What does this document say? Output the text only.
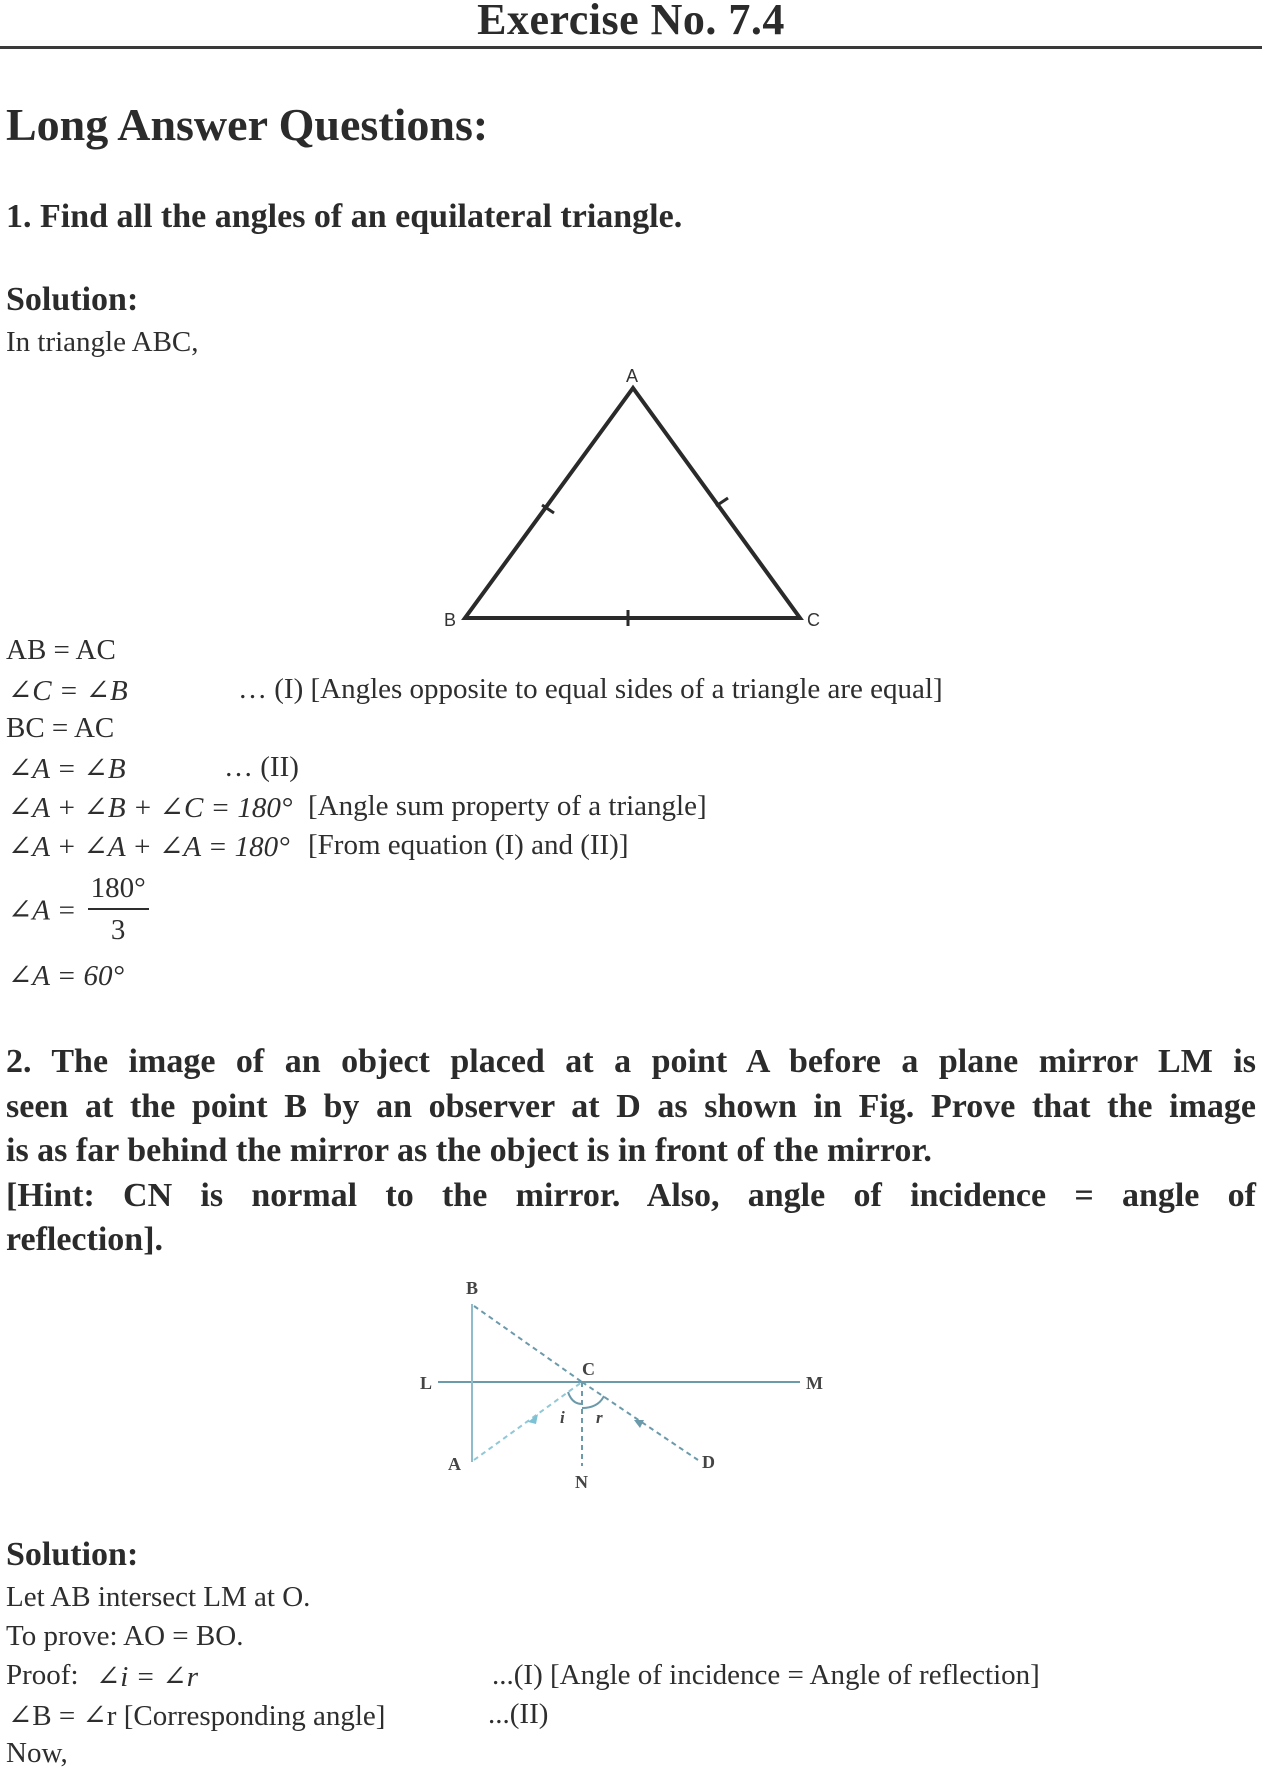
Exercise No. 7.4
Long Answer Questions:
1. Find all the angles of an equilateral triangle.
Solution:
In triangle ABC,
A
B	C
AB = AC
∠C = ∠B	… (I) [Angles opposite to equal sides of a triangle are equal]
BC = AC
∠A = ∠B	… (II)
∠A + ∠B + ∠C = 180° [Angle sum property of a triangle]
∠A + ∠A + ∠A = 180° [From equation (I) and (II)]
∠A = $\frac{180^\circ}{3}$
∠A = 60°
2. The image of an object placed at a point A before a plane mirror LM is
seen at the point B by an observer at D as shown in Fig. Prove that the image
is as far behind the mirror as the object is in front of the mirror.
[Hint: CN is normal to the mirror. Also, angle of incidence = angle of
reflection].
B
L
C
M
A
N
D
i r
Solution:
Let AB intersect LM at O.
To prove: AO = BO.
Proof: ∠i = ∠r	...(I) [Angle of incidence = Angle of reflection]
∠B = ∠r [Corresponding angle]	...(II)
Now,
